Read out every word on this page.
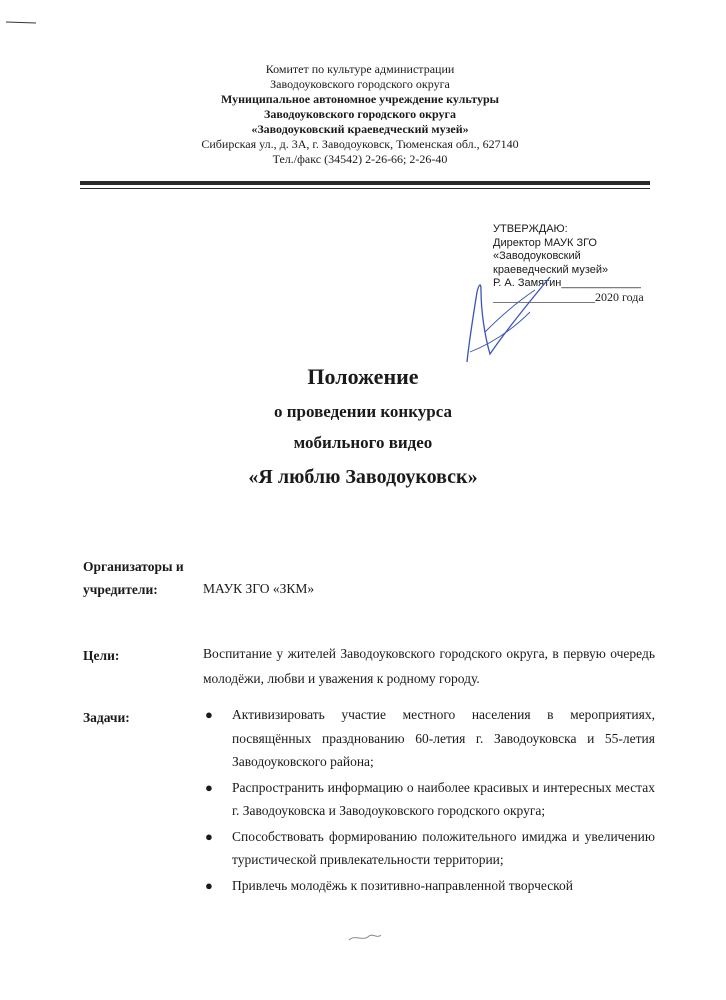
Комитет по культуре администрации
Заводоуковского городского округа
Муниципальное автономное учреждение культуры
Заводоуковского городского округа
«Заводоуковский краеведческий музей»
Сибирская ул., д. 3А, г. Заводоуковск, Тюменская обл., 627140
Тел./факс (34542) 2-26-66; 2-26-40
УТВЕРЖДАЮ:
Директор МАУК ЗГО
«Заводоуковский
краеведческий музей»
Р. А. Замятин_____________
_________________2020 года
Положение
о проведении конкурса
мобильного видео
«Я люблю Заводоуковск»
Организаторы и
учредители:	МАУК ЗГО «ЗКМ»
Цели:	Воспитание у жителей Заводоуковского городского округа, в первую очередь молодёжи, любви и уважения к родному городу.
Задачи:	● Активизировать участие местного населения в мероприятиях, посвящённых празднованию 60-летия г. Заводоуковска и 55-летия Заводоуковского района;
● Распространить информацию о наиболее красивых и интересных местах г. Заводоуковска и Заводоуковского городского округа;
● Способствовать формированию положительного имиджа и увеличению туристической привлекательности территории;
● Привлечь молодёжь к позитивно-направленной творческой
